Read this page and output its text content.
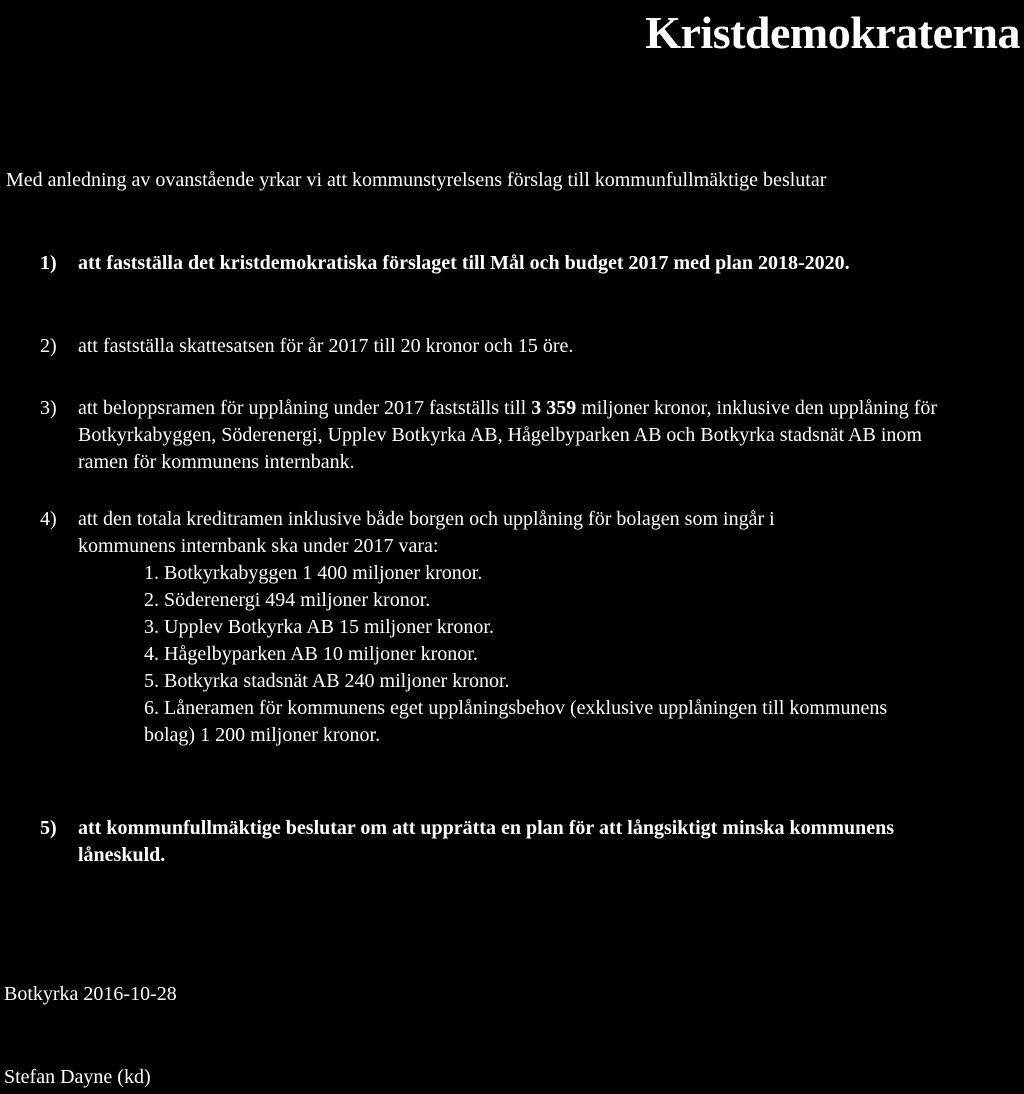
Kristdemokraterna
Med anledning av ovanstående yrkar vi att kommunstyrelsens förslag till kommunfullmäktige beslutar
1) att fastställa det kristdemokratiska förslaget till Mål och budget 2017 med plan 2018-2020.
2) att fastställa skattesatsen för år 2017 till 20 kronor och 15 öre.
3) att beloppsramen för upplåning under 2017 fastställs till 3 359 miljoner kronor, inklusive den upplåning för Botkyrkabyggen, Söderenergi, Upplev Botkyrka AB, Hågelbyparken AB och Botkyrka stadsnät AB inom ramen för kommunens internbank.
4) att den totala kreditramen inklusive både borgen och upplåning för bolagen som ingår i kommunens internbank ska under 2017 vara:
1. Botkyrkabyggen 1 400 miljoner kronor.
2. Söderenergi 494 miljoner kronor.
3. Upplev Botkyrka AB 15 miljoner kronor.
4. Hågelbyparken AB 10 miljoner kronor.
5. Botkyrka stadsnät AB 240 miljoner kronor.
6. Låneramen för kommunens eget upplåningsbehov (exklusive upplåningen till kommunens bolag) 1 200 miljoner kronor.
5) att kommunfullmäktige beslutar om att upprätta en plan för att långsiktigt minska kommunens låneskuld.
Botkyrka 2016-10-28
Stefan Dayne (kd)
